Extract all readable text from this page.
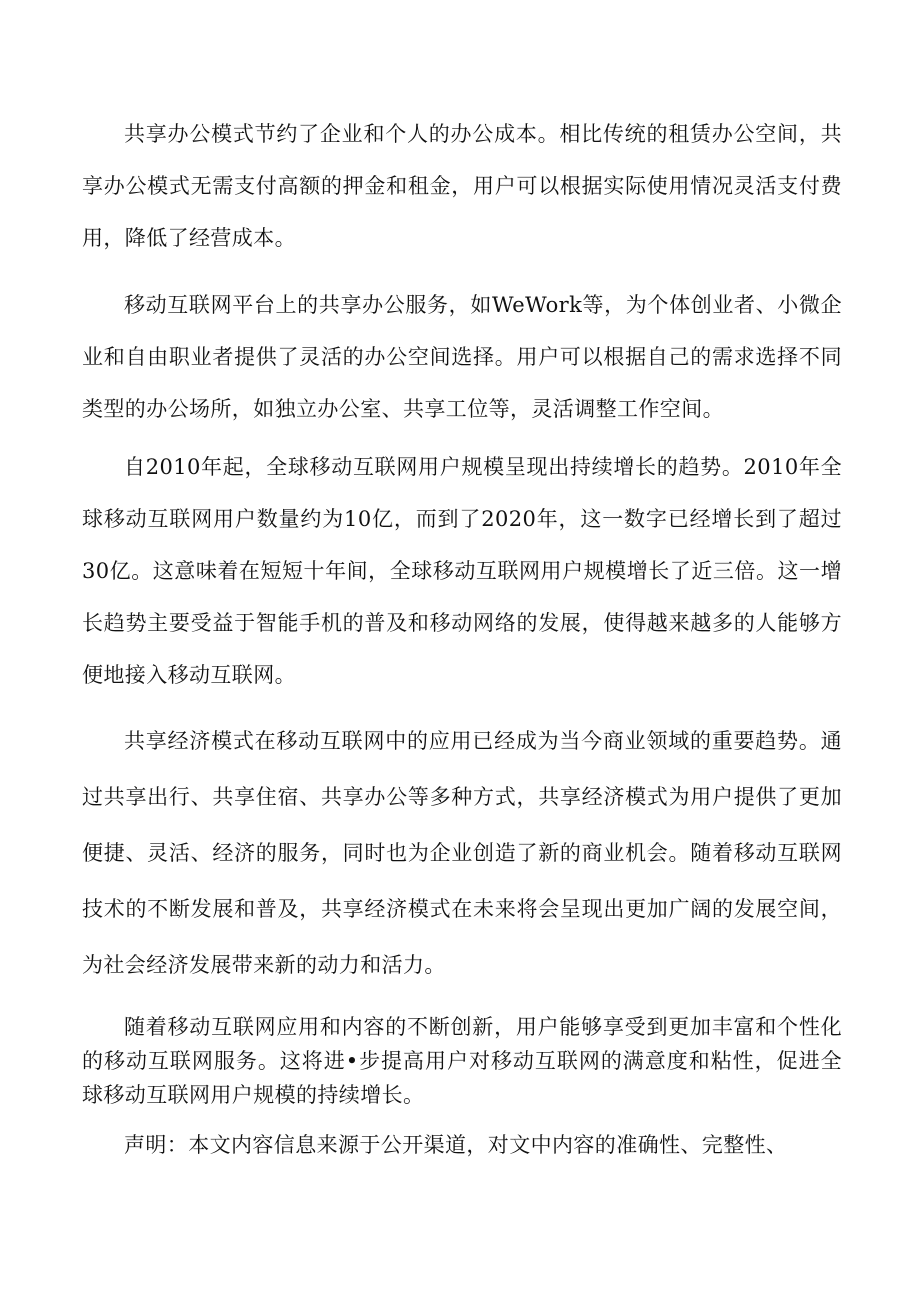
共享办公模式节约了企业和个人的办公成本。相比传统的租赁办公空间，共享办公模式无需支付高额的押金和租金，用户可以根据实际使用情况灵活支付费用，降低了经营成本。

移动互联网平台上的共享办公服务，如WeWork等，为个体创业者、小微企业和自由职业者提供了灵活的办公空间选择。用户可以根据自己的需求选择不同类型的办公场所，如独立办公室、共享工位等，灵活调整工作空间。

自2010年起，全球移动互联网用户规模呈现出持续增长的趋势。2010年全球移动互联网用户数量约为10亿，而到了2020年，这一数字已经增长到了超过30亿。这意味着在短短十年间，全球移动互联网用户规模增长了近三倍。这一增长趋势主要受益于智能手机的普及和移动网络的发展，使得越来越多的人能够方便地接入移动互联网。

共享经济模式在移动互联网中的应用已经成为当今商业领域的重要趋势。通过共享出行、共享住宿、共享办公等多种方式，共享经济模式为用户提供了更加便捷、灵活、经济的服务，同时也为企业创造了新的商业机会。随着移动互联网技术的不断发展和普及，共享经济模式在未来将会呈现出更加广阔的发展空间，为社会经济发展带来新的动力和活力。

随着移动互联网应用和内容的不断创新，用户能够享受到更加丰富和个性化的移动互联网服务。这将进•步提高用户对移动互联网的满意度和粘性，促进全球移动互联网用户规模的持续增长。

声明：本文内容信息来源于公开渠道，对文中内容的准确性、完整性、
